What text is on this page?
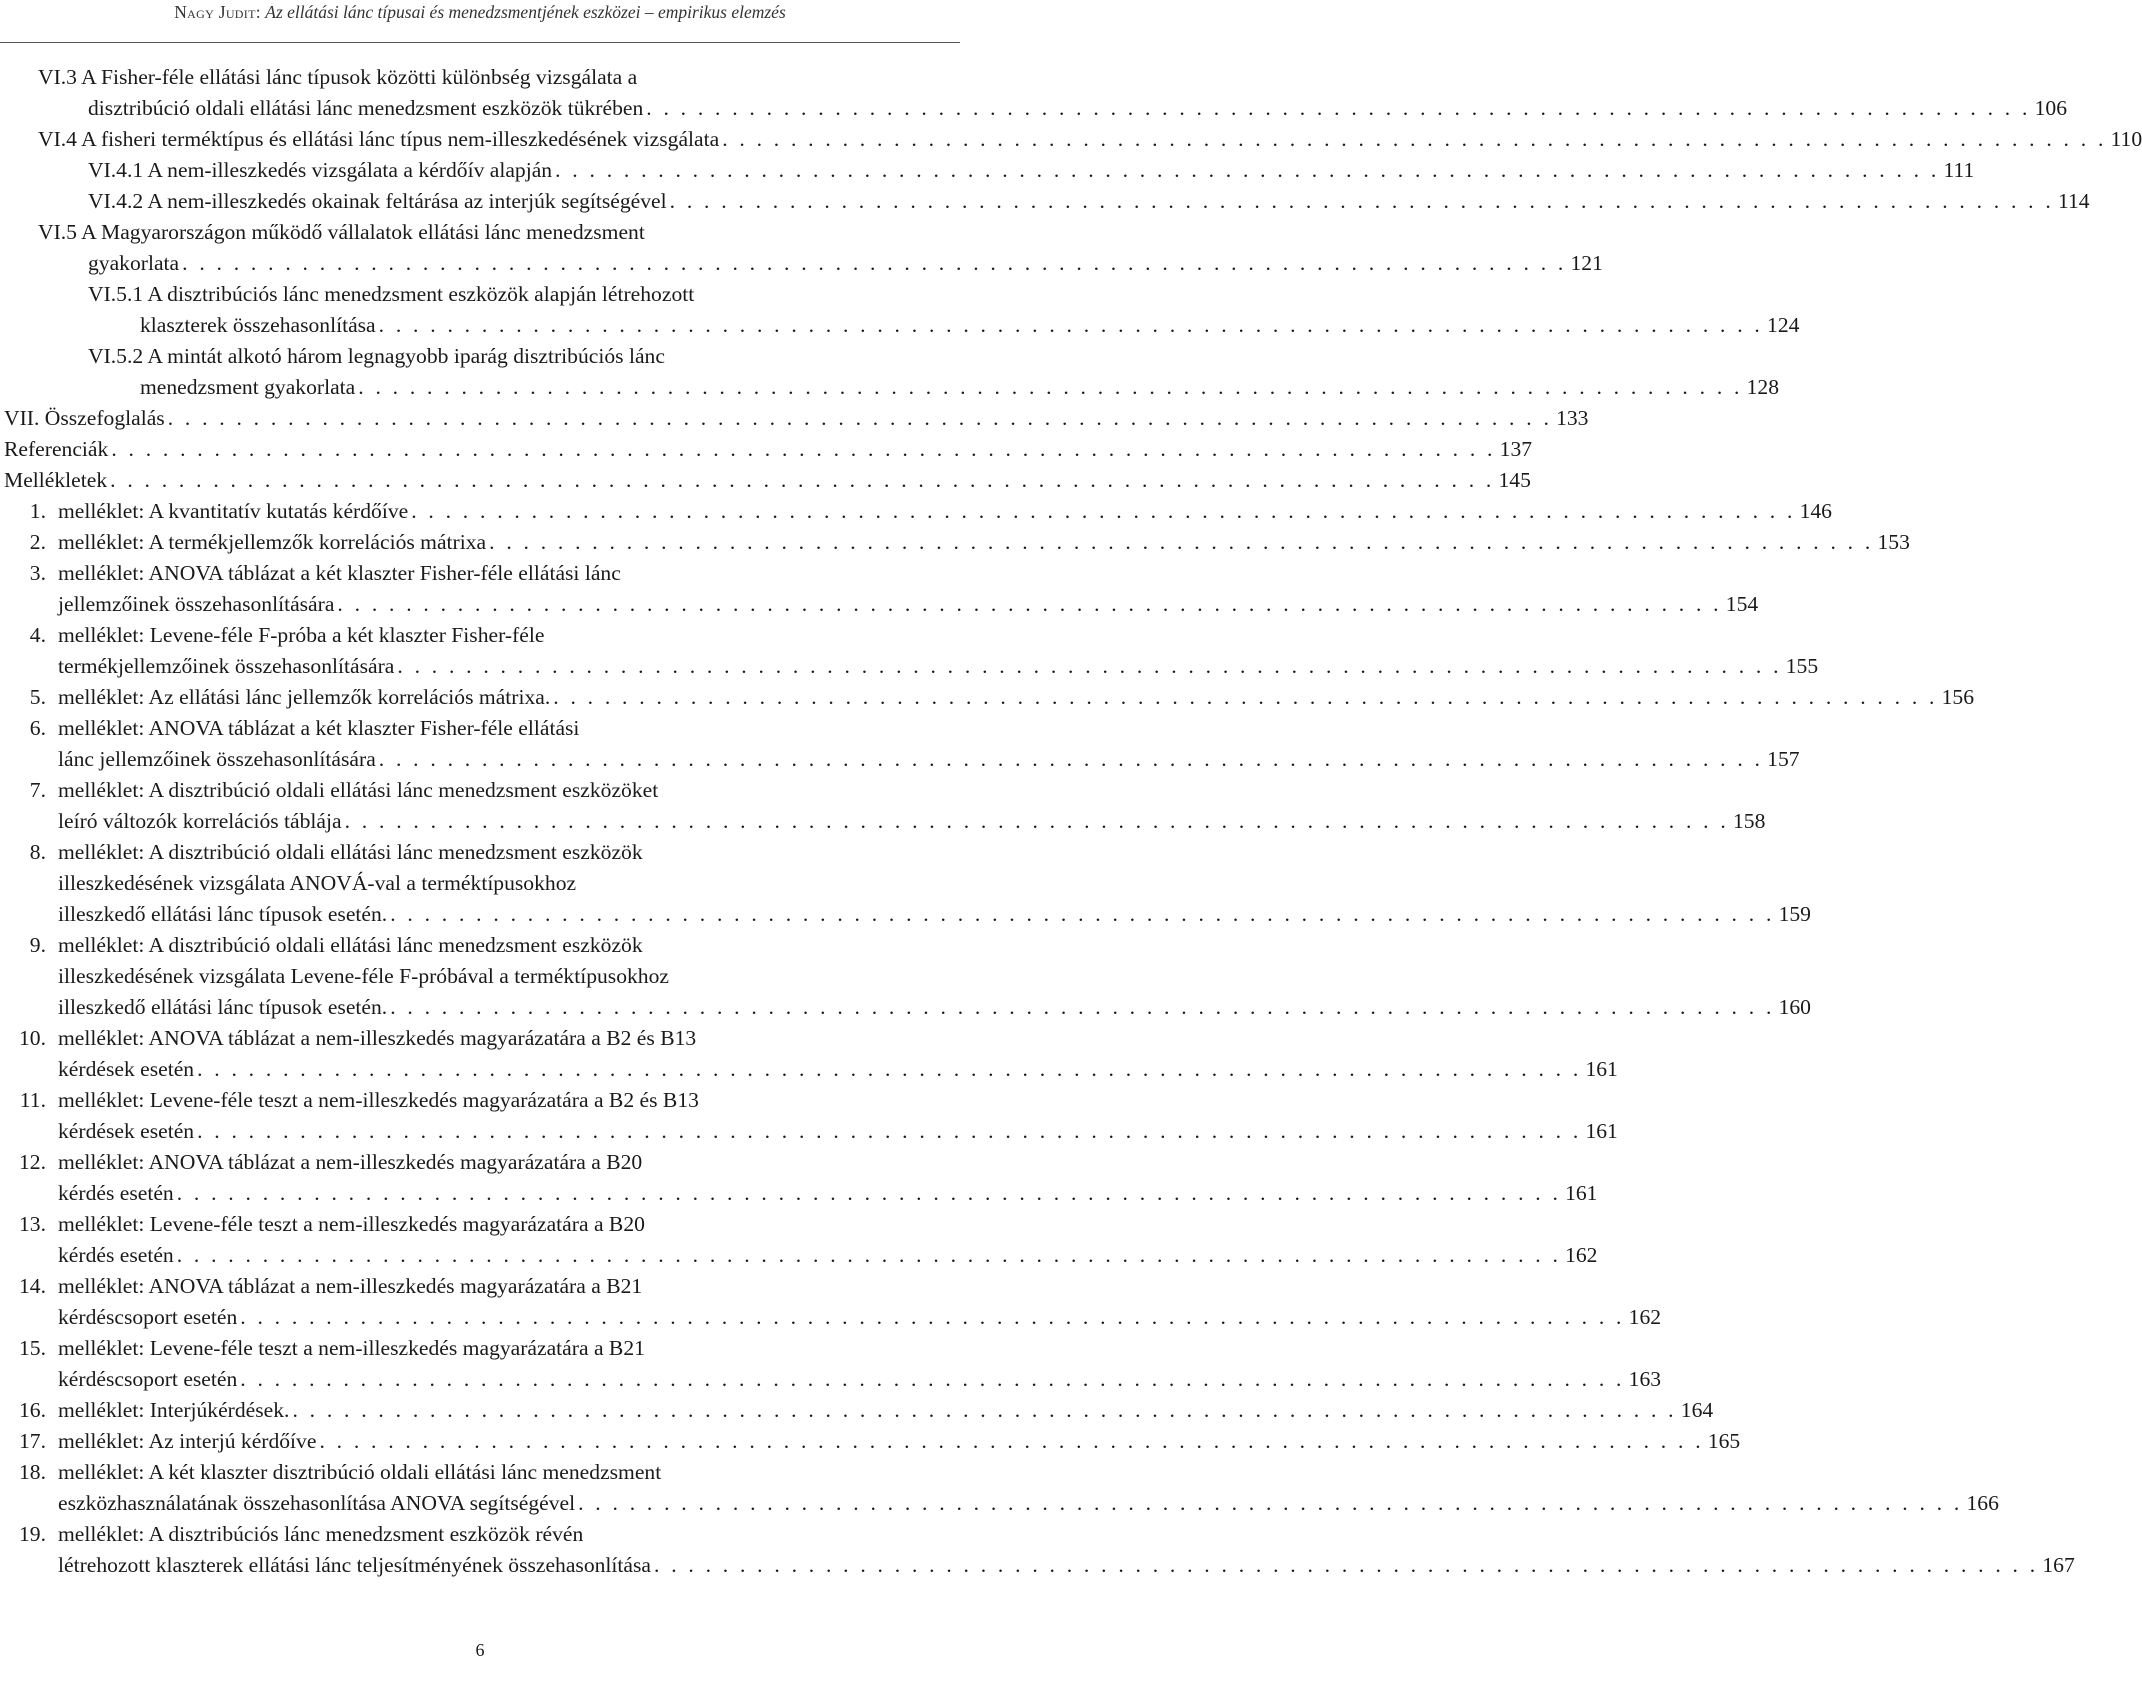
Nagy Judit: Az ellátási lánc típusai és menedzsmentjének eszközei – empirikus elemzés
VI.3 A Fisher-féle ellátási lánc típusok közötti különbség vizsgálata a
disztribúció oldali ellátási lánc menedzsment eszközök tükrében . . . . . . . . . . . . . . . . . . . . . . . . . . . . . . . . . . . . . . . . . . . . . . . . . . . . . . . . . . . . . . . . . . . . . . . . . . . . . . . . . 106
VI.4 A fisheri terméktípus és ellátási lánc típus nem-illeszkedésének vizsgálata . . . . . . . . . . . . . . . . . . . . . . . . . . . . . . . . . . . . . . . . . . . . . . . . . . . . . . . . . . . . . . . . . . . . . . . . . . . . . . . . . 110
VI.4.1 A nem-illeszkedés vizsgálata a kérdőív alapján . . . . . . . . . . . . . . . . . . . . . . . . . . . . . . . . . . . . . . . . . . . . . . . . . . . . . . . . . . . . . . . . . . . . . . . . . . . . . . . . . 111
VI.4.2 A nem-illeszkedés okainak feltárása az interjúk segítségével . . . . . . . . . . . . . . . . . . . . . . . . . . . . . . . . . . . . . . . . . . . . . . . . . . . . . . . . . . . . . . . . . . . . . . . . . . . . . . . . . 114
VI.5 A Magyarországon működő vállalatok ellátási lánc menedzsment
gyakorlata . . . . . . . . . . . . . . . . . . . . . . . . . . . . . . . . . . . . . . . . . . . . . . . . . . . . . . . . . . . . . . . . . . . . . . . . . . . . . . . . . 121
VI.5.1 A disztribúciós lánc menedzsment eszközök alapján létrehozott
klaszterek összehasonlítása . . . . . . . . . . . . . . . . . . . . . . . . . . . . . . . . . . . . . . . . . . . . . . . . . . . . . . . . . . . . . . . . . . . . . . . . . . . . . . . . . 124
VI.5.2 A mintát alkotó három legnagyobb iparág disztribúciós lánc
menedzsment gyakorlata . . . . . . . . . . . . . . . . . . . . . . . . . . . . . . . . . . . . . . . . . . . . . . . . . . . . . . . . . . . . . . . . . . . . . . . . . . . . . . . . . 128
VII. Összefoglalás . . . . . . . . . . . . . . . . . . . . . . . . . . . . . . . . . . . . . . . . . . . . . . . . . . . . . . . . . . . . . . . . . . . . . . . . . . . . . . . . . 133
Referenciák . . . . . . . . . . . . . . . . . . . . . . . . . . . . . . . . . . . . . . . . . . . . . . . . . . . . . . . . . . . . . . . . . . . . . . . . . . . . . . . . . 137
Mellékletek . . . . . . . . . . . . . . . . . . . . . . . . . . . . . . . . . . . . . . . . . . . . . . . . . . . . . . . . . . . . . . . . . . . . . . . . . . . . . . . . . 145
1. melléklet: A kvantitatív kutatás kérdőíve . . . . . . . . . . . . . . . . . . . . . . . . . . . . . . . . . . . . . . . . . . . . . . . . . . . . . . . . . . . . . . . . . . . . . . . . . . . . . . . . . 146
2. melléklet: A termékjellemzők korrelációs mátrixa . . . . . . . . . . . . . . . . . . . . . . . . . . . . . . . . . . . . . . . . . . . . . . . . . . . . . . . . . . . . . . . . . . . . . . . . . . . . . . . . . 153
3. melléklet: ANOVA táblázat a két klaszter Fisher-féle ellátási lánc
jellemzőinek összehasonlítására . . . . . . . . . . . . . . . . . . . . . . . . . . . . . . . . . . . . . . . . . . . . . . . . . . . . . . . . . . . . . . . . . . . . . . . . . . . . . . . . . 154
4. melléklet: Levene-féle F-próba a két klaszter Fisher-féle
termékjellemzőinek összehasonlítására . . . . . . . . . . . . . . . . . . . . . . . . . . . . . . . . . . . . . . . . . . . . . . . . . . . . . . . . . . . . . . . . . . . . . . . . . . . . . . . . . 155
5. melléklet: Az ellátási lánc jellemzők korrelációs mátrixa. . . . . . . . . . . . . . . . . . . . . . . . . . . . . . . . . . . . . . . . . . . . . . . . . . . . . . . . . . . . . . . . . . . . . . . . . . . . . . . . . . 156
6. melléklet: ANOVA táblázat a két klaszter Fisher-féle ellátási
lánc jellemzőinek összehasonlítására . . . . . . . . . . . . . . . . . . . . . . . . . . . . . . . . . . . . . . . . . . . . . . . . . . . . . . . . . . . . . . . . . . . . . . . . . . . . . . . . . 157
7. melléklet: A disztribúció oldali ellátási lánc menedzsment eszközöket
leíró változók korrelációs táblája . . . . . . . . . . . . . . . . . . . . . . . . . . . . . . . . . . . . . . . . . . . . . . . . . . . . . . . . . . . . . . . . . . . . . . . . . . . . . . . . . 158
8. melléklet: A disztribúció oldali ellátási lánc menedzsment eszközök
illeszkedésének vizsgálata ANOVÁ-val a terméktípusokhoz
illeszkedő ellátási lánc típusok esetén. . . . . . . . . . . . . . . . . . . . . . . . . . . . . . . . . . . . . . . . . . . . . . . . . . . . . . . . . . . . . . . . . . . . . . . . . . . . . . . . . . 159
9. melléklet: A disztribúció oldali ellátási lánc menedzsment eszközök
illeszkedésének vizsgálata Levene-féle F-próbával a terméktípusokhoz
illeszkedő ellátási lánc típusok esetén. . . . . . . . . . . . . . . . . . . . . . . . . . . . . . . . . . . . . . . . . . . . . . . . . . . . . . . . . . . . . . . . . . . . . . . . . . . . . . . . . . 160
10. melléklet: ANOVA táblázat a nem-illeszkedés magyarázatára a B2 és B13
kérdések esetén . . . . . . . . . . . . . . . . . . . . . . . . . . . . . . . . . . . . . . . . . . . . . . . . . . . . . . . . . . . . . . . . . . . . . . . . . . . . . . . . . 161
11. melléklet: Levene-féle teszt a nem-illeszkedés magyarázatára a B2 és B13
kérdések esetén . . . . . . . . . . . . . . . . . . . . . . . . . . . . . . . . . . . . . . . . . . . . . . . . . . . . . . . . . . . . . . . . . . . . . . . . . . . . . . . . . 161
12. melléklet: ANOVA táblázat a nem-illeszkedés magyarázatára a B20
kérdés esetén . . . . . . . . . . . . . . . . . . . . . . . . . . . . . . . . . . . . . . . . . . . . . . . . . . . . . . . . . . . . . . . . . . . . . . . . . . . . . . . . . 161
13. melléklet: Levene-féle teszt a nem-illeszkedés magyarázatára a B20
kérdés esetén . . . . . . . . . . . . . . . . . . . . . . . . . . . . . . . . . . . . . . . . . . . . . . . . . . . . . . . . . . . . . . . . . . . . . . . . . . . . . . . . . 162
14. melléklet: ANOVA táblázat a nem-illeszkedés magyarázatára a B21
kérdéscsoport esetén . . . . . . . . . . . . . . . . . . . . . . . . . . . . . . . . . . . . . . . . . . . . . . . . . . . . . . . . . . . . . . . . . . . . . . . . . . . . . . . . . 162
15. melléklet: Levene-féle teszt a nem-illeszkedés magyarázatára a B21
kérdéscsoport esetén . . . . . . . . . . . . . . . . . . . . . . . . . . . . . . . . . . . . . . . . . . . . . . . . . . . . . . . . . . . . . . . . . . . . . . . . . . . . . . . . . 163
16. melléklet: Interjúkérdések. . . . . . . . . . . . . . . . . . . . . . . . . . . . . . . . . . . . . . . . . . . . . . . . . . . . . . . . . . . . . . . . . . . . . . . . . . . . . . . . . . 164
17. melléklet: Az interjú kérdőíve . . . . . . . . . . . . . . . . . . . . . . . . . . . . . . . . . . . . . . . . . . . . . . . . . . . . . . . . . . . . . . . . . . . . . . . . . . . . . . . . . 165
18. melléklet: A két klaszter disztribúció oldali ellátási lánc menedzsment
eszközhasználatának összehasonlítása ANOVA segítségével . . . . . . . . . . . . . . . . . . . . . . . . . . . . . . . . . . . . . . . . . . . . . . . . . . . . . . . . . . . . . . . . . . . . . . . . . . . . . . . . . 166
19. melléklet: A disztribúciós lánc menedzsment eszközök révén
létrehozott klaszterek ellátási lánc teljesítményének összehasonlítása . . . . . . . . . . . . . . . . . . . . . . . . . . . . . . . . . . . . . . . . . . . . . . . . . . . . . . . . . . . . . . . . . . . . . . . . . . . . . . . . . 167
6
